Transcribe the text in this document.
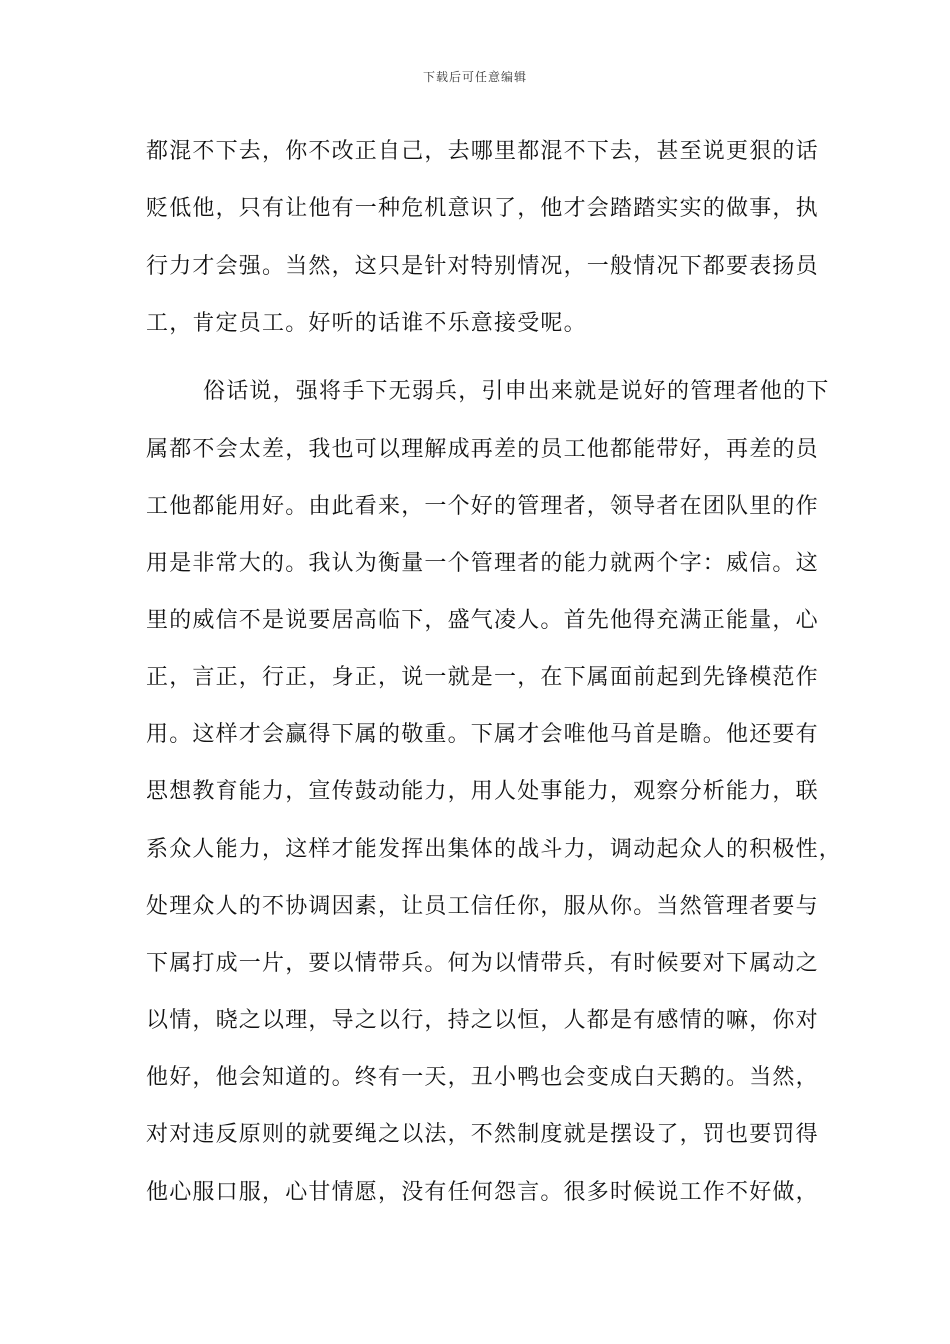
下载后可任意编辑
都混不下去，你不改正自己，去哪里都混不下去，甚至说更狠的话
贬低他，只有让他有一种危机意识了，他才会踏踏实实的做事，执
行力才会强。当然，这只是针对特别情况，一般情况下都要表扬员
工，肯定员工。好听的话谁不乐意接受呢。
俗话说，强将手下无弱兵，引申出来就是说好的管理者他的下
属都不会太差，我也可以理解成再差的员工他都能带好，再差的员
工他都能用好。由此看来，一个好的管理者，领导者在团队里的作
用是非常大的。我认为衡量一个管理者的能力就两个字：威信。这
里的威信不是说要居高临下，盛气凌人。首先他得充满正能量，心
正，言正，行正，身正，说一就是一，在下属面前起到先锋模范作
用。这样才会赢得下属的敬重。下属才会唯他马首是瞻。他还要有
思想教育能力，宣传鼓动能力，用人处事能力，观察分析能力，联
系众人能力，这样才能发挥出集体的战斗力，调动起众人的积极性，
处理众人的不协调因素，让员工信任你，服从你。当然管理者要与
下属打成一片，要以情带兵。何为以情带兵，有时候要对下属动之
以情，晓之以理，导之以行，持之以恒，人都是有感情的嘛，你对
他好，他会知道的。终有一天，丑小鸭也会变成白天鹅的。当然，
对对违反原则的就要绳之以法，不然制度就是摆设了，罚也要罚得
他心服口服，心甘情愿，没有任何怨言。很多时候说工作不好做，
